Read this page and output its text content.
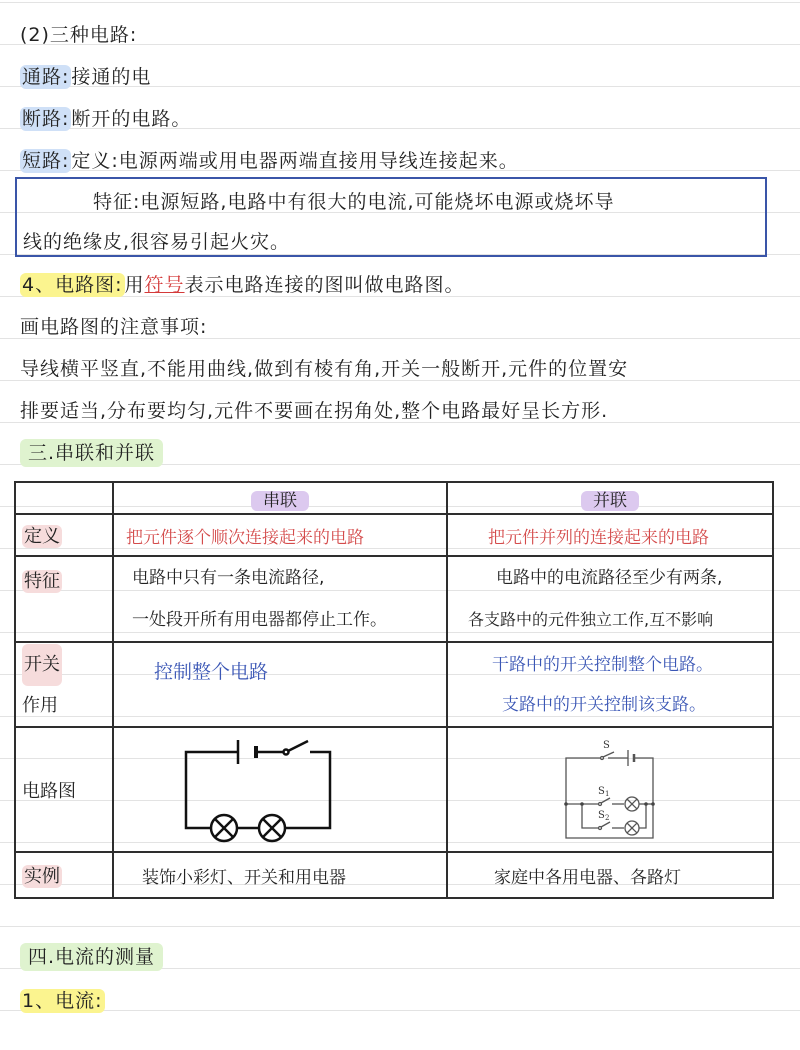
(2)三种电路:
通路: 接通的电
断路: 断开的电路。
短路: 定义:电源两端或用电器两端直接用导线连接起来。
特征:电源短路,电路中有很大的电流,可能烧坏电源或烧坏导
线的绝缘皮,很容易引起火灾。
4、电路图: 用符号表示电路连接的图叫做电路图。
画电路图的注意事项:
导线横平竖直,不能用曲线,做到有棱有角,开关一般断开,元件的位置安
排要适当,分布要均匀,元件不要画在拐角处,整个电路最好呈长方形.
三.串联和并联
	串联	并联
定义	把元件逐个顺次连接起来的电路	把元件并列的连接起来的电路

特征	电路中只有一条电流路径,
一处段开所有用电器都停止工作。	电路中的电流路径至少有两条,
各支路中的元件独立工作,互不影响

开关
作用	控制整个电路	干路中的开关控制整个电路。
支路中的开关控制该支路。

电路图		S
S 1
S 2

实例	装饰小彩灯、开关和用电器	家庭中各用电器、各路灯
四.电流的测量
1、电流:
